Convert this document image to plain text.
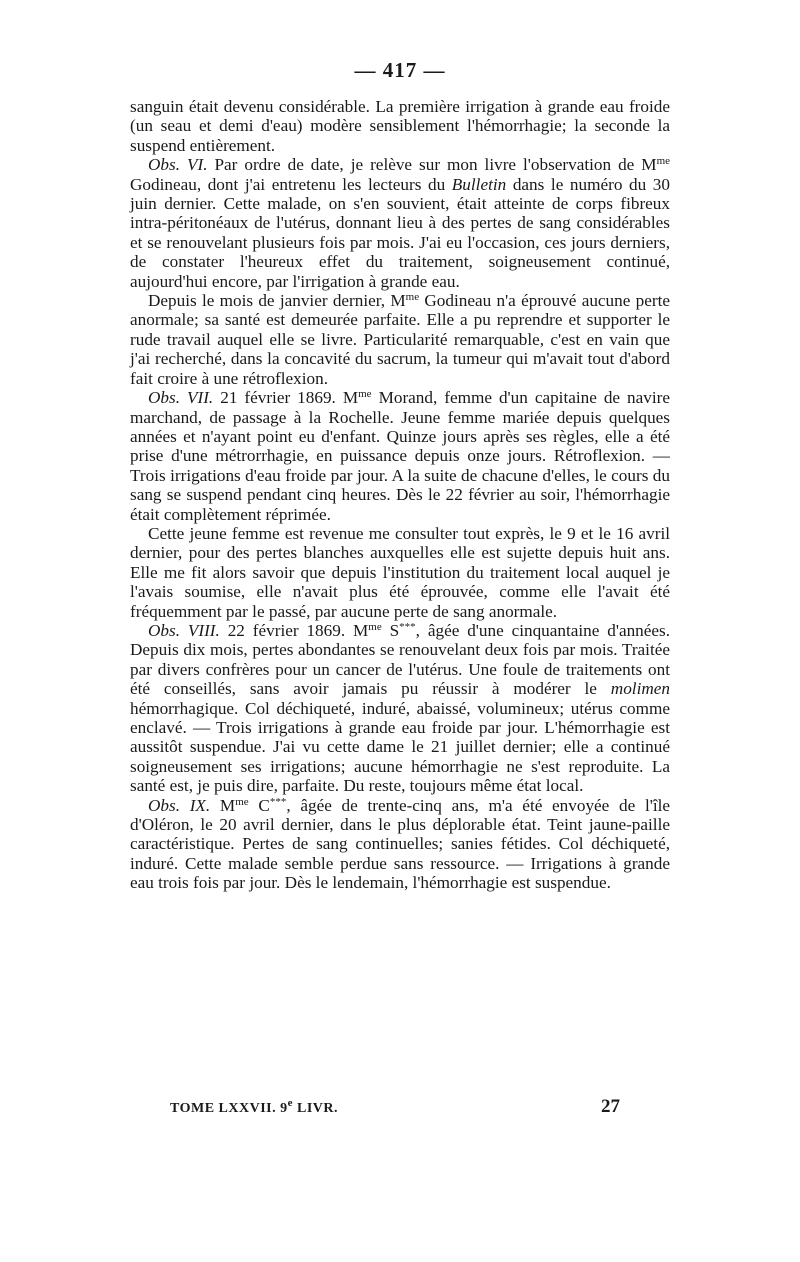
— 417 —

sanguin était devenu considérable. La première irrigation à grande eau froide (un seau et demi d'eau) modère sensiblement l'hémorrhagie; la seconde la suspend entièrement.

Obs. VI. Par ordre de date, je relève sur mon livre l'observation de $M^{me}$ Godineau, dont j'ai entretenu les lecteurs du Bulletin dans le numéro du 30 juin dernier. Cette malade, on s'en souvient, était atteinte de corps fibreux intra-péritonéaux de l'utérus, donnant lieu à des pertes de sang considérables et se renouvelant plusieurs fois par mois. J'ai eu l'occasion, ces jours derniers, de constater l'heureux effet du traitement, soigneusement continué, aujourd'hui encore, par l'irrigation à grande eau.

Depuis le mois de janvier dernier, $M^{me}$ Godineau n'a éprouvé aucune perte anormale; sa santé est demeurée parfaite. Elle a pu reprendre et supporter le rude travail auquel elle se livre. Particularité remarquable, c'est en vain que j'ai recherché, dans la concavité du sacrum, la tumeur qui m'avait tout d'abord fait croire à une rétroflexion.

Obs. VII. 21 février 1869. $M^{me}$ Morand, femme d'un capitaine de navire marchand, de passage à la Rochelle. Jeune femme mariée depuis quelques années et n'ayant point eu d'enfant. Quinze jours après ses règles, elle a été prise d'une métrorrhagie, en puissance depuis onze jours. Rétroflexion. — Trois irrigations d'eau froide par jour. A la suite de chacune d'elles, le cours du sang se suspend pendant cinq heures. Dès le 22 février au soir, l'hémorrhagie était complètement réprimée.

Cette jeune femme est revenue me consulter tout exprès, le 9 et le 16 avril dernier, pour des pertes blanches auxquelles elle est sujette depuis huit ans. Elle me fit alors savoir que depuis l'institution du traitement local auquel je l'avais soumise, elle n'avait plus été éprouvée, comme elle l'avait été fréquemment par le passé, par aucune perte de sang anormale.

Obs. VIII. 22 février 1869. $M^{me}$ S***, âgée d'une cinquantaine d'années. Depuis dix mois, pertes abondantes se renouvelant deux fois par mois. Traitée par divers confrères pour un cancer de l'utérus. Une foule de traitements ont été conseillés, sans avoir jamais pu réussir à modérer le molimen hémorrhagique. Col déchiqueté, induré, abaissé, volumineux; utérus comme enclavé. — Trois irrigations à grande eau froide par jour. L'hémorrhagie est aussitôt suspendue. J'ai vu cette dame le 21 juillet dernier; elle a continué soigneusement ses irrigations; aucune hémorrhagie ne s'est reproduite. La santé est, je puis dire, parfaite. Du reste, toujours même état local.

Obs. IX. $M^{me}$ C***, âgée de trente-cinq ans, m'a été envoyée de l'île d'Oléron, le 20 avril dernier, dans le plus déplorable état. Teint jaune-paille caractéristique. Pertes de sang continuelles; sanies fétides. Col déchiqueté, induré. Cette malade semble perdue sans ressource. — Irrigations à grande eau trois fois par jour. Dès le lendemain, l'hémorrhagie est suspendue.

TOME LXXVII. 9e LIVR.	27
